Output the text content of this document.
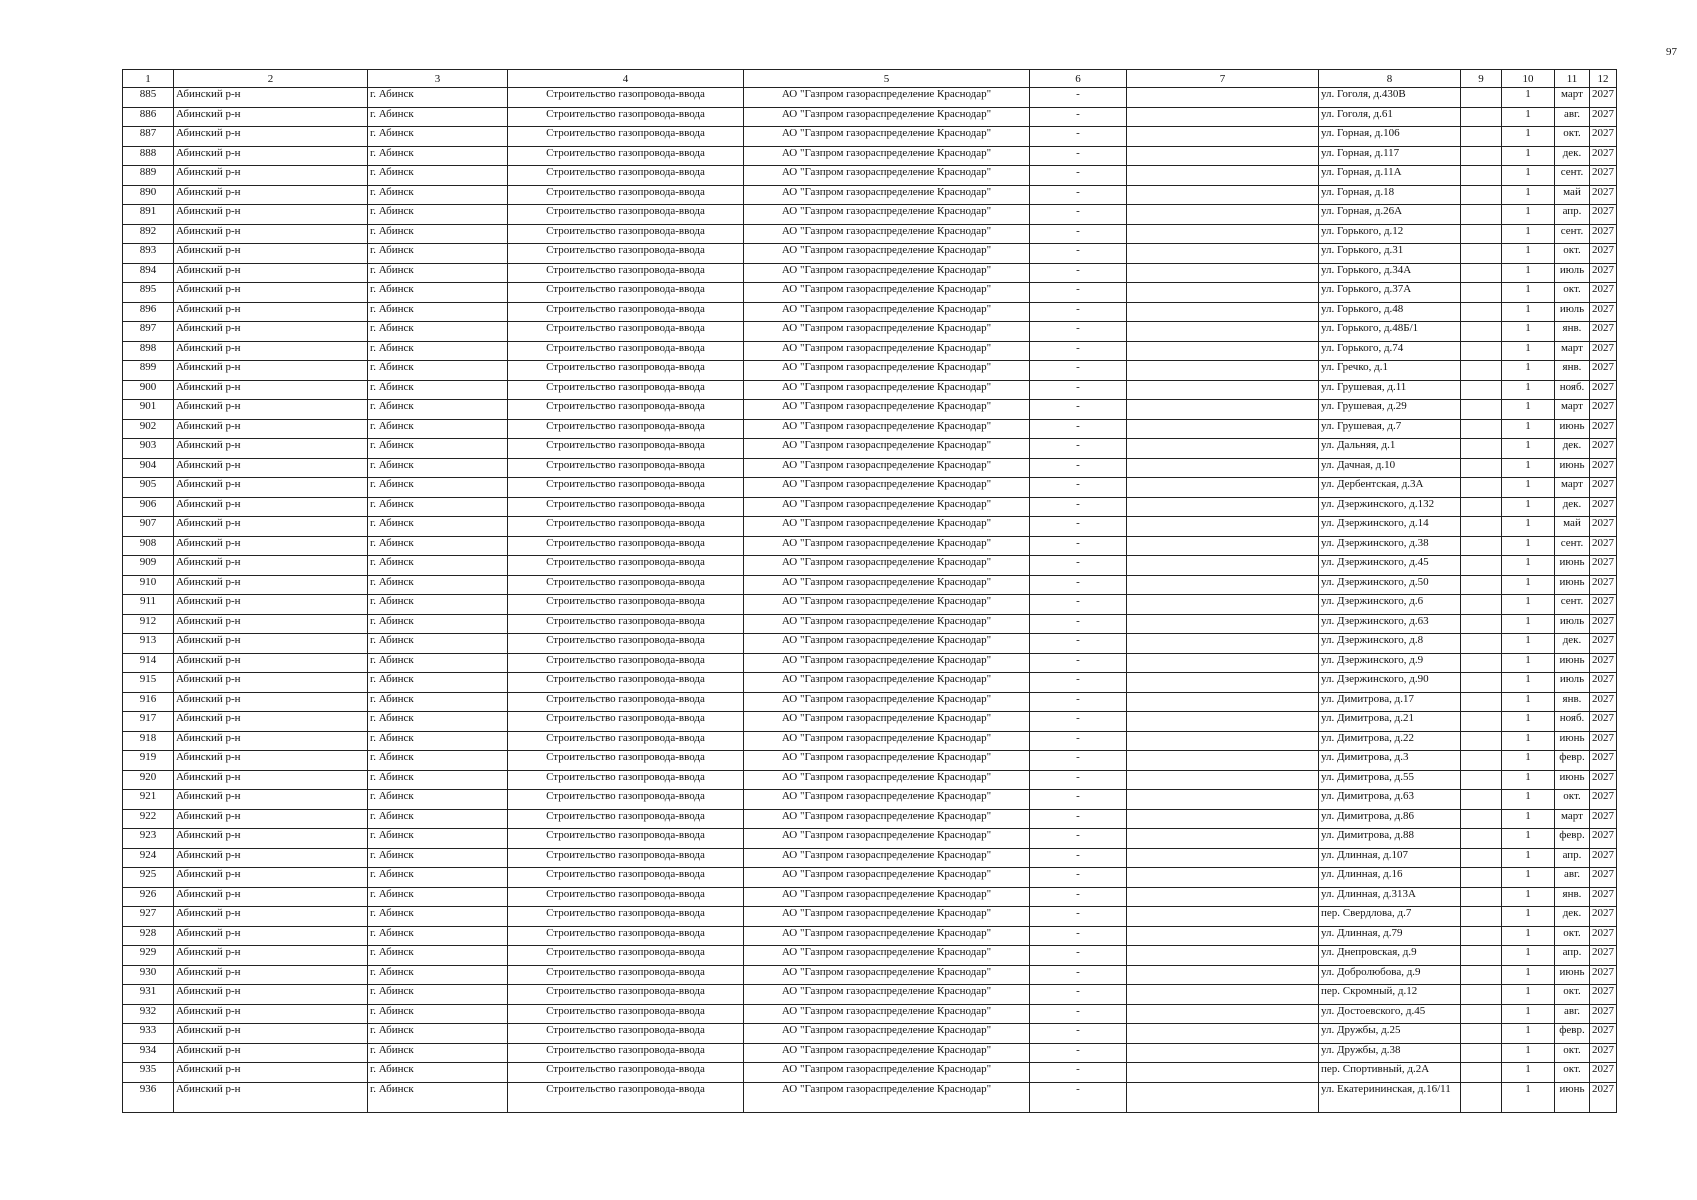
97
1	2	3	4	5	6	7	8	9	10	11	12
885	Абинский р-н	г. Абинск	Строительство газопровода-ввода	АО "Газпром газораспределение Краснодар"	-		ул. Гоголя, д.430В		1	март	2027
886	Абинский р-н	г. Абинск	Строительство газопровода-ввода	АО "Газпром газораспределение Краснодар"	-		ул. Гоголя, д.61		1	авг.	2027
887	Абинский р-н	г. Абинск	Строительство газопровода-ввода	АО "Газпром газораспределение Краснодар"	-		ул. Горная, д.106		1	окт.	2027
888	Абинский р-н	г. Абинск	Строительство газопровода-ввода	АО "Газпром газораспределение Краснодар"	-		ул. Горная, д.117		1	дек.	2027
889	Абинский р-н	г. Абинск	Строительство газопровода-ввода	АО "Газпром газораспределение Краснодар"	-		ул. Горная, д.11А		1	сент.	2027
890	Абинский р-н	г. Абинск	Строительство газопровода-ввода	АО "Газпром газораспределение Краснодар"	-		ул. Горная, д.18		1	май	2027
891	Абинский р-н	г. Абинск	Строительство газопровода-ввода	АО "Газпром газораспределение Краснодар"	-		ул. Горная, д.26А		1	апр.	2027
892	Абинский р-н	г. Абинск	Строительство газопровода-ввода	АО "Газпром газораспределение Краснодар"	-		ул. Горького, д.12		1	сент.	2027
893	Абинский р-н	г. Абинск	Строительство газопровода-ввода	АО "Газпром газораспределение Краснодар"	-		ул. Горького, д.31		1	окт.	2027
894	Абинский р-н	г. Абинск	Строительство газопровода-ввода	АО "Газпром газораспределение Краснодар"	-		ул. Горького, д.34А		1	июль	2027
895	Абинский р-н	г. Абинск	Строительство газопровода-ввода	АО "Газпром газораспределение Краснодар"	-		ул. Горького, д.37А		1	окт.	2027
896	Абинский р-н	г. Абинск	Строительство газопровода-ввода	АО "Газпром газораспределение Краснодар"	-		ул. Горького, д.48		1	июль	2027
897	Абинский р-н	г. Абинск	Строительство газопровода-ввода	АО "Газпром газораспределение Краснодар"	-		ул. Горького, д.48Б/1		1	янв.	2027
898	Абинский р-н	г. Абинск	Строительство газопровода-ввода	АО "Газпром газораспределение Краснодар"	-		ул. Горького, д.74		1	март	2027
899	Абинский р-н	г. Абинск	Строительство газопровода-ввода	АО "Газпром газораспределение Краснодар"	-		ул. Гречко, д.1		1	янв.	2027
900	Абинский р-н	г. Абинск	Строительство газопровода-ввода	АО "Газпром газораспределение Краснодар"	-		ул. Грушевая, д.11		1	нояб.	2027
901	Абинский р-н	г. Абинск	Строительство газопровода-ввода	АО "Газпром газораспределение Краснодар"	-		ул. Грушевая, д.29		1	март	2027
902	Абинский р-н	г. Абинск	Строительство газопровода-ввода	АО "Газпром газораспределение Краснодар"	-		ул. Грушевая, д.7		1	июнь	2027
903	Абинский р-н	г. Абинск	Строительство газопровода-ввода	АО "Газпром газораспределение Краснодар"	-		ул. Дальняя, д.1		1	дек.	2027
904	Абинский р-н	г. Абинск	Строительство газопровода-ввода	АО "Газпром газораспределение Краснодар"	-		ул. Дачная, д.10		1	июнь	2027
905	Абинский р-н	г. Абинск	Строительство газопровода-ввода	АО "Газпром газораспределение Краснодар"	-		ул. Дербентская, д.3А		1	март	2027
906	Абинский р-н	г. Абинск	Строительство газопровода-ввода	АО "Газпром газораспределение Краснодар"	-		ул. Дзержинского, д.132		1	дек.	2027
907	Абинский р-н	г. Абинск	Строительство газопровода-ввода	АО "Газпром газораспределение Краснодар"	-		ул. Дзержинского, д.14		1	май	2027
908	Абинский р-н	г. Абинск	Строительство газопровода-ввода	АО "Газпром газораспределение Краснодар"	-		ул. Дзержинского, д.38		1	сент.	2027
909	Абинский р-н	г. Абинск	Строительство газопровода-ввода	АО "Газпром газораспределение Краснодар"	-		ул. Дзержинского, д.45		1	июнь	2027
910	Абинский р-н	г. Абинск	Строительство газопровода-ввода	АО "Газпром газораспределение Краснодар"	-		ул. Дзержинского, д.50		1	июнь	2027
911	Абинский р-н	г. Абинск	Строительство газопровода-ввода	АО "Газпром газораспределение Краснодар"	-		ул. Дзержинского, д.6		1	сент.	2027
912	Абинский р-н	г. Абинск	Строительство газопровода-ввода	АО "Газпром газораспределение Краснодар"	-		ул. Дзержинского, д.63		1	июль	2027
913	Абинский р-н	г. Абинск	Строительство газопровода-ввода	АО "Газпром газораспределение Краснодар"	-		ул. Дзержинского, д.8		1	дек.	2027
914	Абинский р-н	г. Абинск	Строительство газопровода-ввода	АО "Газпром газораспределение Краснодар"	-		ул. Дзержинского, д.9		1	июнь	2027
915	Абинский р-н	г. Абинск	Строительство газопровода-ввода	АО "Газпром газораспределение Краснодар"	-		ул. Дзержинского, д.90		1	июль	2027
916	Абинский р-н	г. Абинск	Строительство газопровода-ввода	АО "Газпром газораспределение Краснодар"	-		ул. Димитрова, д.17		1	янв.	2027
917	Абинский р-н	г. Абинск	Строительство газопровода-ввода	АО "Газпром газораспределение Краснодар"	-		ул. Димитрова, д.21		1	нояб.	2027
918	Абинский р-н	г. Абинск	Строительство газопровода-ввода	АО "Газпром газораспределение Краснодар"	-		ул. Димитрова, д.22		1	июнь	2027
919	Абинский р-н	г. Абинск	Строительство газопровода-ввода	АО "Газпром газораспределение Краснодар"	-		ул. Димитрова, д.3		1	февр.	2027
920	Абинский р-н	г. Абинск	Строительство газопровода-ввода	АО "Газпром газораспределение Краснодар"	-		ул. Димитрова, д.55		1	июнь	2027
921	Абинский р-н	г. Абинск	Строительство газопровода-ввода	АО "Газпром газораспределение Краснодар"	-		ул. Димитрова, д.63		1	окт.	2027
922	Абинский р-н	г. Абинск	Строительство газопровода-ввода	АО "Газпром газораспределение Краснодар"	-		ул. Димитрова, д.86		1	март	2027
923	Абинский р-н	г. Абинск	Строительство газопровода-ввода	АО "Газпром газораспределение Краснодар"	-		ул. Димитрова, д.88		1	февр.	2027
924	Абинский р-н	г. Абинск	Строительство газопровода-ввода	АО "Газпром газораспределение Краснодар"	-		ул. Длинная, д.107		1	апр.	2027
925	Абинский р-н	г. Абинск	Строительство газопровода-ввода	АО "Газпром газораспределение Краснодар"	-		ул. Длинная, д.16		1	авг.	2027
926	Абинский р-н	г. Абинск	Строительство газопровода-ввода	АО "Газпром газораспределение Краснодар"	-		ул. Длинная, д.313А		1	янв.	2027
927	Абинский р-н	г. Абинск	Строительство газопровода-ввода	АО "Газпром газораспределение Краснодар"	-		пер. Свердлова, д.7		1	дек.	2027
928	Абинский р-н	г. Абинск	Строительство газопровода-ввода	АО "Газпром газораспределение Краснодар"	-		ул. Длинная, д.79		1	окт.	2027
929	Абинский р-н	г. Абинск	Строительство газопровода-ввода	АО "Газпром газораспределение Краснодар"	-		ул. Днепровская, д.9		1	апр.	2027
930	Абинский р-н	г. Абинск	Строительство газопровода-ввода	АО "Газпром газораспределение Краснодар"	-		ул. Добролюбова, д.9		1	июнь	2027
931	Абинский р-н	г. Абинск	Строительство газопровода-ввода	АО "Газпром газораспределение Краснодар"	-		пер. Скромный, д.12		1	окт.	2027
932	Абинский р-н	г. Абинск	Строительство газопровода-ввода	АО "Газпром газораспределение Краснодар"	-		ул. Достоевского, д.45		1	авг.	2027
933	Абинский р-н	г. Абинск	Строительство газопровода-ввода	АО "Газпром газораспределение Краснодар"	-		ул. Дружбы, д.25		1	февр.	2027
934	Абинский р-н	г. Абинск	Строительство газопровода-ввода	АО "Газпром газораспределение Краснодар"	-		ул. Дружбы, д.38		1	окт.	2027
935	Абинский р-н	г. Абинск	Строительство газопровода-ввода	АО "Газпром газораспределение Краснодар"	-		пер. Спортивный, д.2А		1	окт.	2027
936	Абинский р-н	г. Абинск	Строительство газопровода-ввода	АО "Газпром газораспределение Краснодар"	-		ул. Екатерининская, д.16/11		1	июнь	2027
